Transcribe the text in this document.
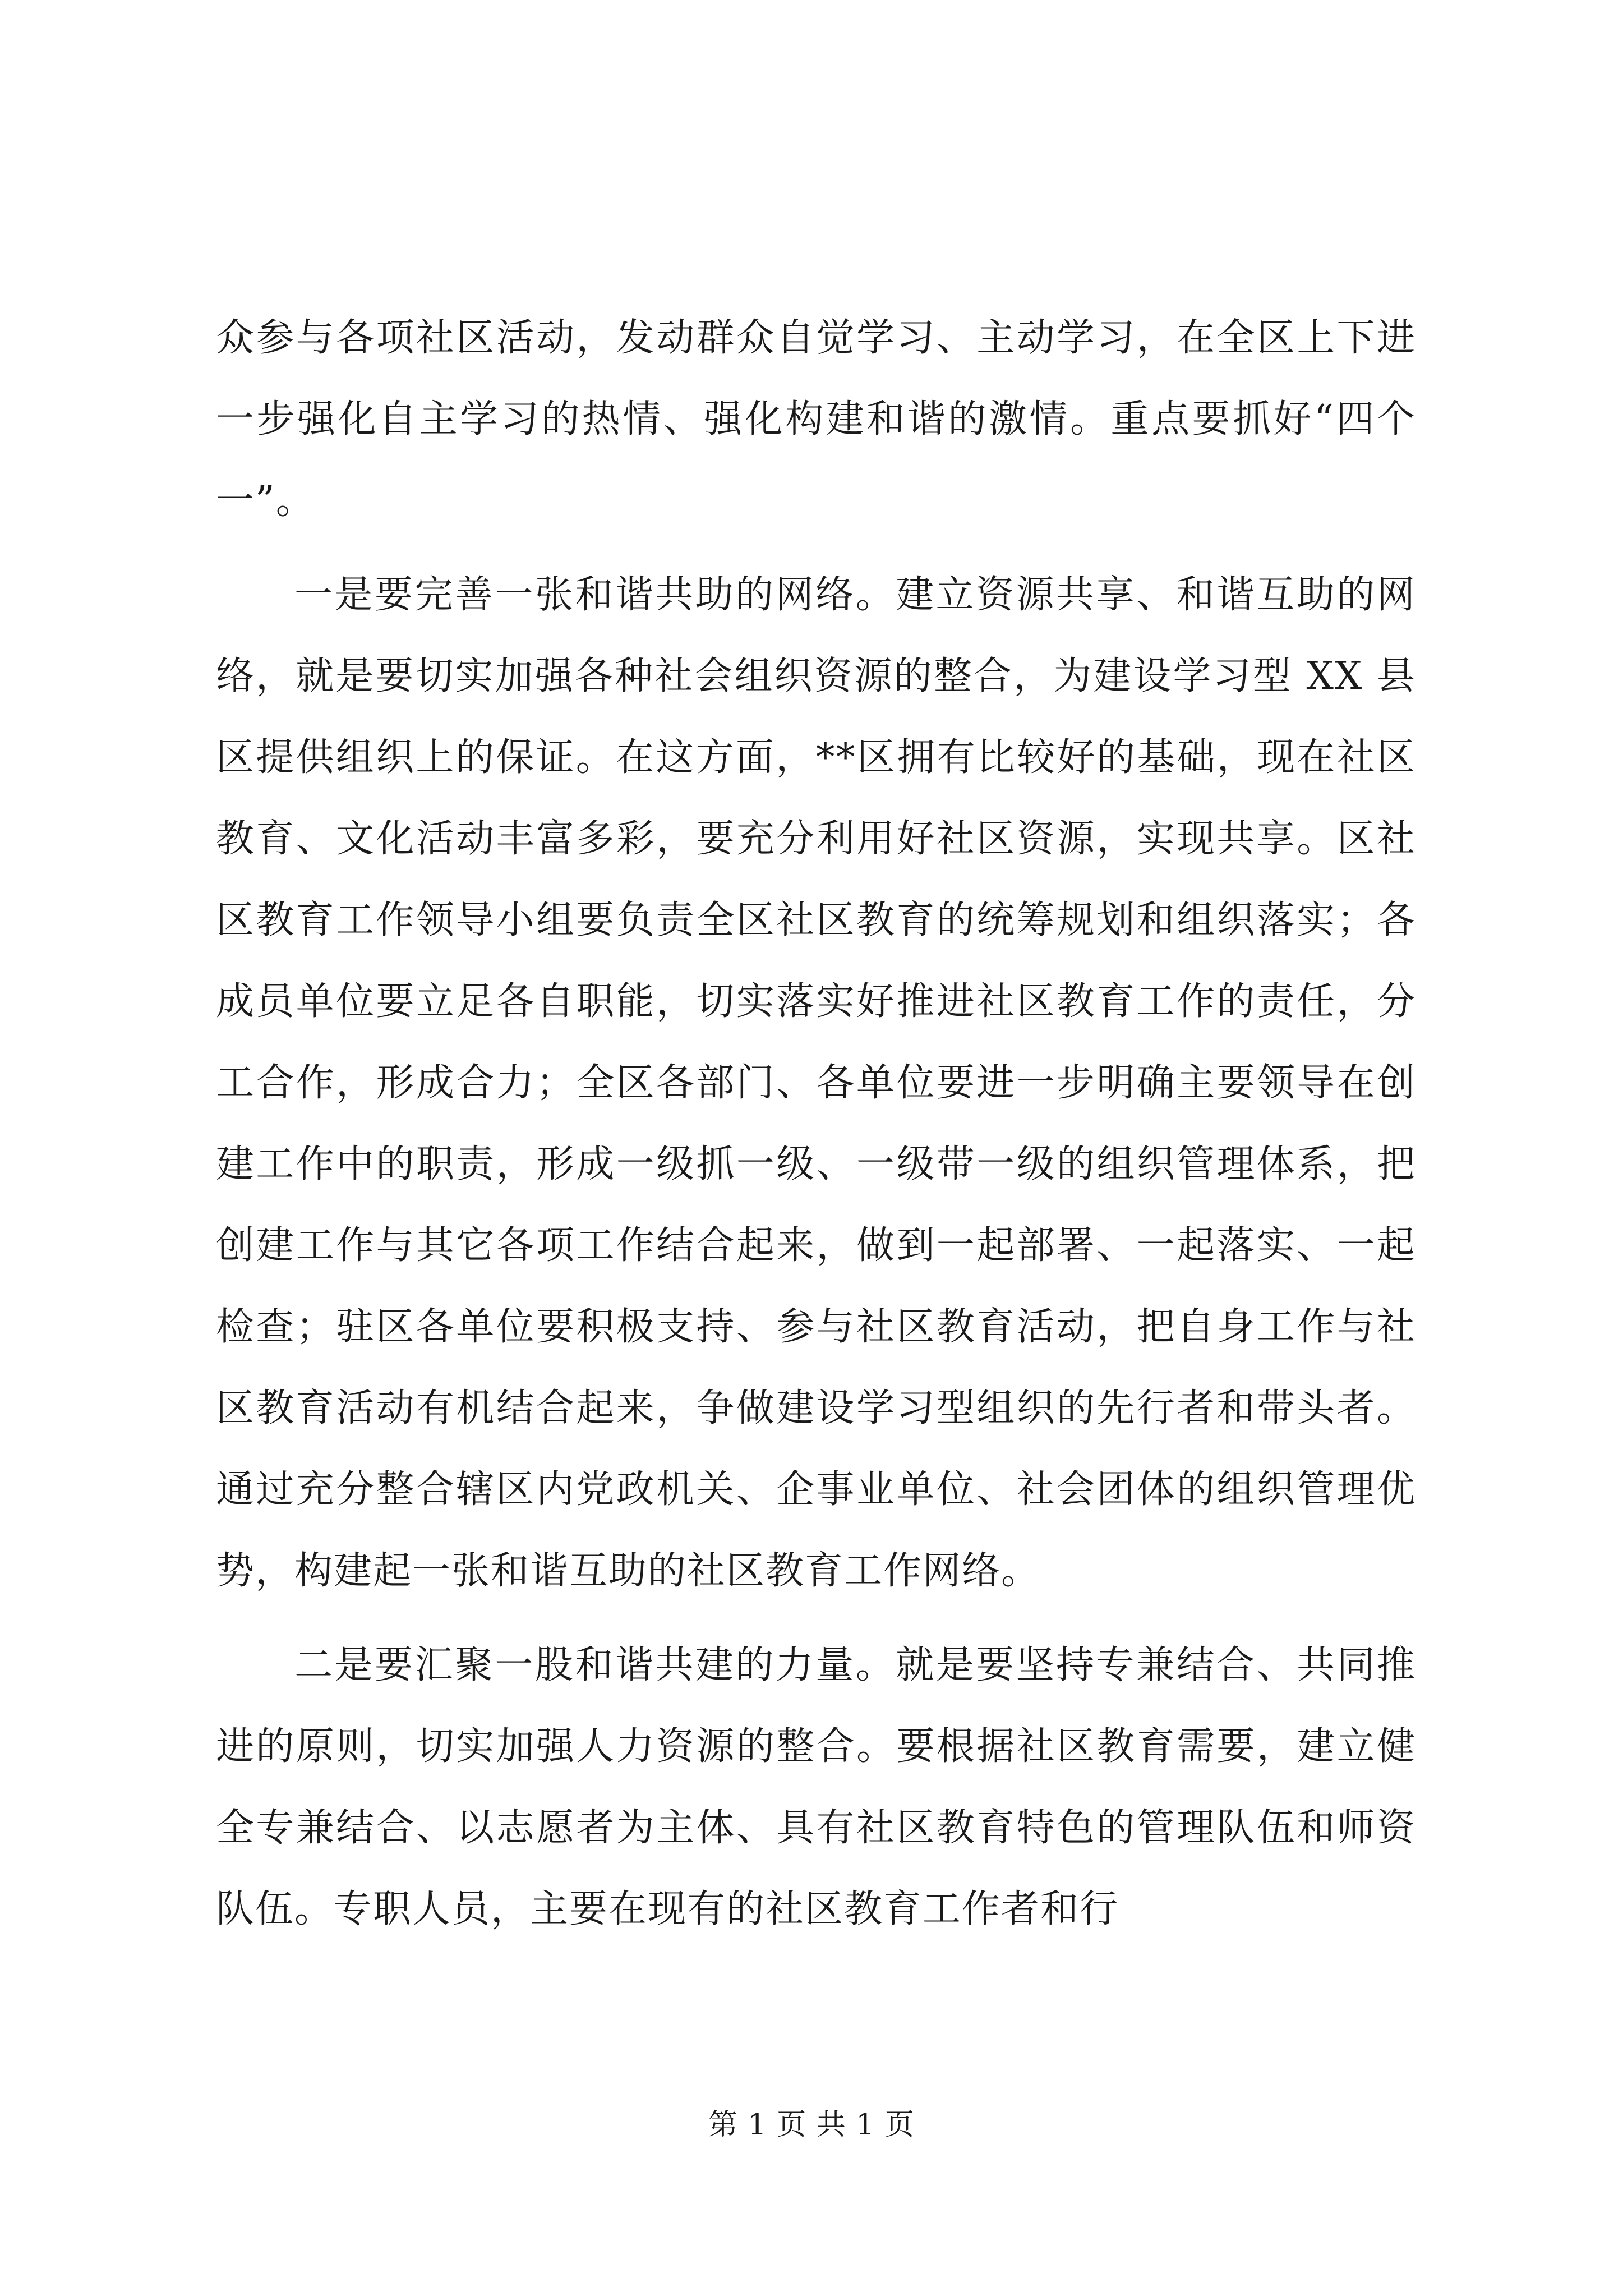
众参与各项社区活动，发动群众自觉学习、主动学习，在全区上下进一步强化自主学习的热情、强化构建和谐的激情。重点要抓好“四个一”。

一是要完善一张和谐共助的网络。建立资源共享、和谐互助的网络，就是要切实加强各种社会组织资源的整合，为建设学习型 XX 县区提供组织上的保证。在这方面，**区拥有比较好的基础，现在社区教育、文化活动丰富多彩，要充分利用好社区资源，实现共享。区社区教育工作领导小组要负责全区社区教育的统筹规划和组织落实；各成员单位要立足各自职能，切实落实好推进社区教育工作的责任，分工合作，形成合力；全区各部门、各单位要进一步明确主要领导在创建工作中的职责，形成一级抓一级、一级带一级的组织管理体系，把创建工作与其它各项工作结合起来，做到一起部署、一起落实、一起检查；驻区各单位要积极支持、参与社区教育活动，把自身工作与社区教育活动有机结合起来，争做建设学习型组织的先行者和带头者。通过充分整合辖区内党政机关、企事业单位、社会团体的组织管理优势，构建起一张和谐互助的社区教育工作网络。

二是要汇聚一股和谐共建的力量。就是要坚持专兼结合、共同推进的原则，切实加强人力资源的整合。要根据社区教育需要，建立健全专兼结合、以志愿者为主体、具有社区教育特色的管理队伍和师资队伍。专职人员，主要在现有的社区教育工作者和行

第 1 页 共 1 页
